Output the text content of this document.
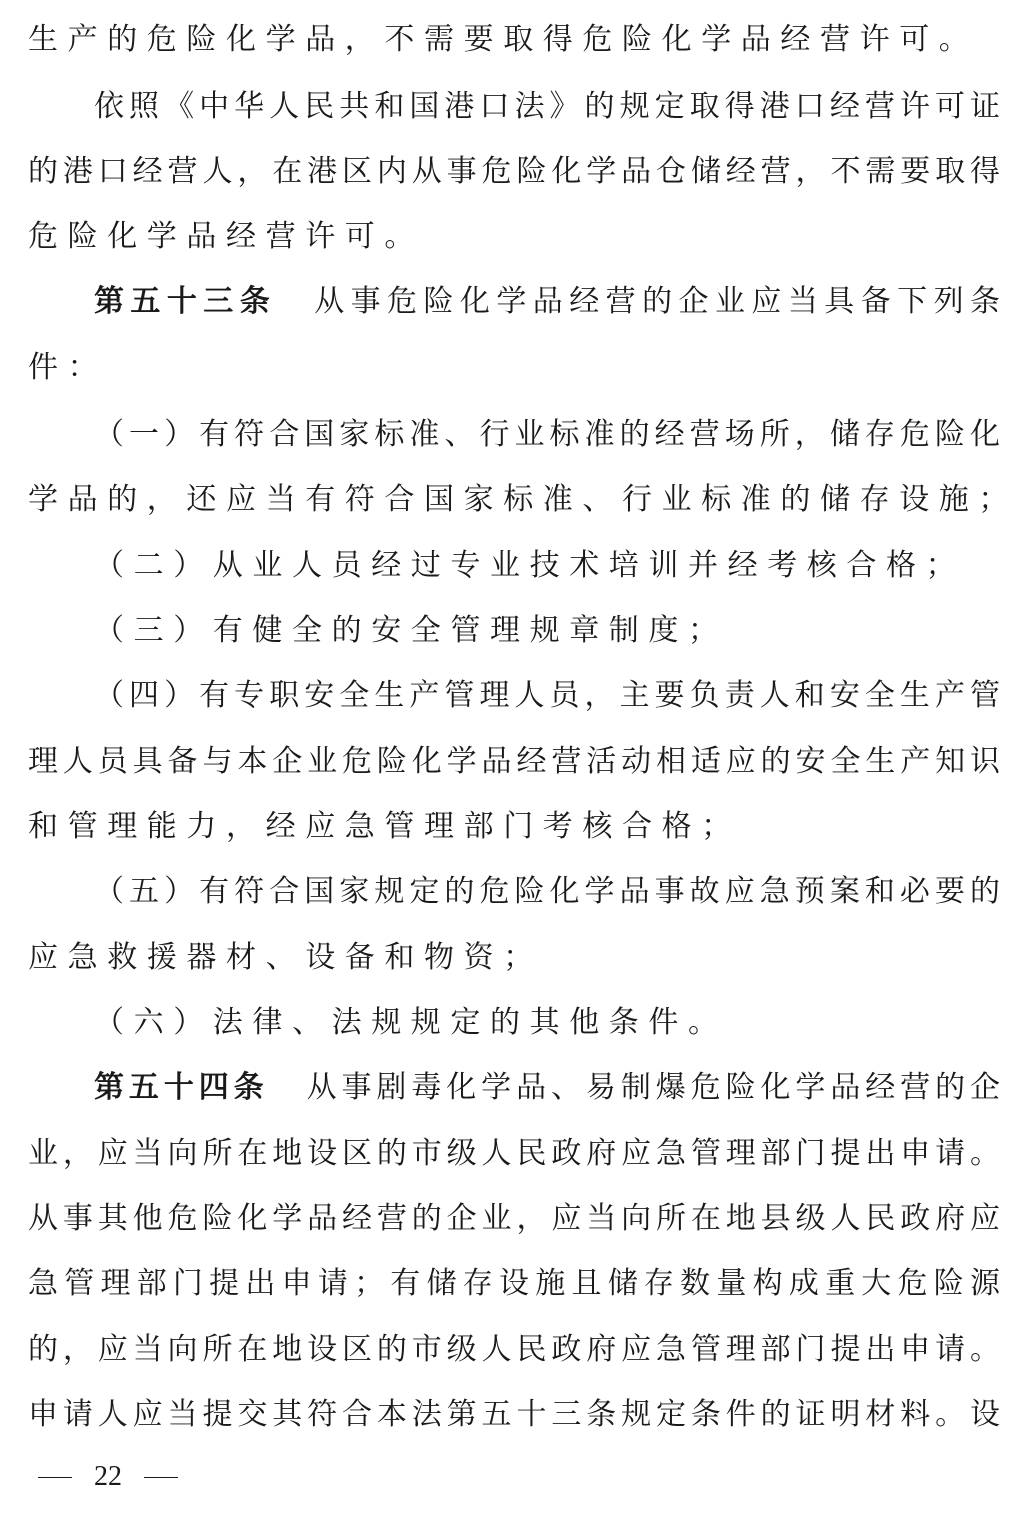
生产的危险化学品，不需要取得危险化学品经营许可。
依照《中华人民共和国港口法》的规定取得港口经营许可证
的港口经营人，在港区内从事危险化学品仓储经营，不需要取得
危险化学品经营许可。
第五十三条 从事危险化学品经营的企业应当具备下列条
件：
（一）有符合国家标准、行业标准的经营场所，储存危险化
学品的，还应当有符合国家标准、行业标准的储存设施；
（二）从业人员经过专业技术培训并经考核合格；
（三）有健全的安全管理规章制度；
（四）有专职安全生产管理人员，主要负责人和安全生产管
理人员具备与本企业危险化学品经营活动相适应的安全生产知识
和管理能力，经应急管理部门考核合格；
（五）有符合国家规定的危险化学品事故应急预案和必要的
应急救援器材、设备和物资；
（六）法律、法规规定的其他条件。
第五十四条 从事剧毒化学品、易制爆危险化学品经营的企
业，应当向所在地设区的市级人民政府应急管理部门提出申请。
从事其他危险化学品经营的企业，应当向所在地县级人民政府应
急管理部门提出申请；有储存设施且储存数量构成重大危险源
的，应当向所在地设区的市级人民政府应急管理部门提出申请。
申请人应当提交其符合本法第五十三条规定条件的证明材料。设
22
